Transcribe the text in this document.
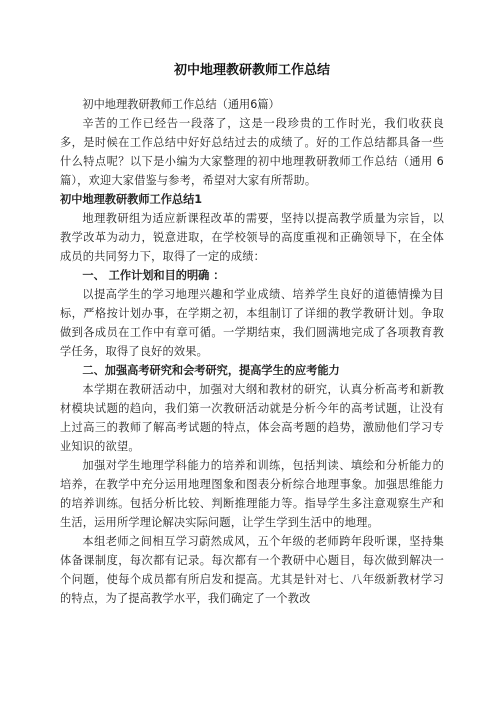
初中地理教研教师工作总结

初中地理教研教师工作总结（通用6篇）

辛苦的工作已经告一段落了，这是一段珍贵的工作时光，我们收获良多，是时候在工作总结中好好总结过去的成绩了。好的工作总结都具备一些什么特点呢？以下是小编为大家整理的初中地理教研教师工作总结（通用 6 篇），欢迎大家借鉴与参考，希望对大家有所帮助。

初中地理教研教师工作总结1

地理教研组为适应新课程改革的需要，坚持以提高教学质量为宗旨，以教学改革为动力，锐意进取，在学校领导的高度重视和正确领导下，在全体成员的共同努力下，取得了一定的成绩：

一、 工作计划和目的明确 ：

以提高学生的学习地理兴趣和学业成绩、培养学生良好的道德情操为目标，严格按计划办事，在学期之初，本组制订了详细的教学教研计划。争取做到各成员在工作中有章可循。一学期结束，我们圆满地完成了各项教育教学任务，取得了良好的效果。

二、加强高考研究和会考研究，提高学生的应考能力

本学期在教研活动中，加强对大纲和教材的研究，认真分析高考和新教材模块试题的趋向，我们第一次教研活动就是分析今年的高考试题，让没有上过高三的教师了解高考试题的特点，体会高考题的趋势，激励他们学习专业知识的欲望。

加强对学生地理学科能力的培养和训练，包括判读、填绘和分析能力的培养，在教学中充分运用地理图象和图表分析综合地理事象。加强思维能力的培养训练。包括分析比较、判断推理能力等。指导学生多注意观察生产和生活，运用所学理论解决实际问题，让学生学到生活中的地理。

本组老师之间相互学习蔚然成风，五个年级的老师跨年段听课，坚持集体备课制度，每次都有记录。每次都有一个教研中心题目，每次做到解决一个问题，使每个成员都有所启发和提高。尤其是针对七、八年级新教材学习的特点，为了提高教学水平，我们确定了一个教改
